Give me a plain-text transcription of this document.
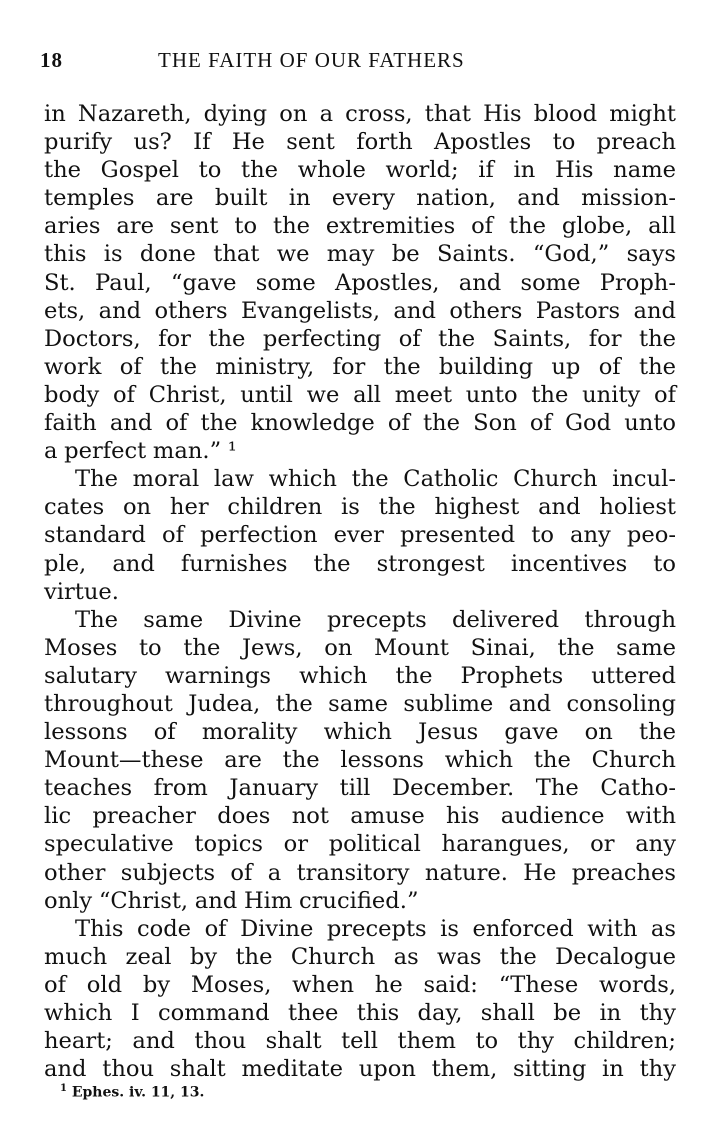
18	THE FAITH OF OUR FATHERS
in Nazareth, dying on a cross, that His blood might
purify us? If He sent forth Apostles to preach
the Gospel to the whole world; if in His name
temples are built in every nation, and mission-
aries are sent to the extremities of the globe, all
this is done that we may be Saints. “God,” says
St. Paul, “gave some Apostles, and some Proph-
ets, and others Evangelists, and others Pastors and
Doctors, for the perfecting of the Saints, for the
work of the ministry, for the building up of the
body of Christ, until we all meet unto the unity of
faith and of the knowledge of the Son of God unto
a perfect man.” ¹
The moral law which the Catholic Church incul-
cates on her children is the highest and holiest
standard of perfection ever presented to any peo-
ple, and furnishes the strongest incentives to
virtue.
The same Divine precepts delivered through
Moses to the Jews, on Mount Sinai, the same
salutary warnings which the Prophets uttered
throughout Judea, the same sublime and consoling
lessons of morality which Jesus gave on the
Mount—these are the lessons which the Church
teaches from January till December. The Catho-
lic preacher does not amuse his audience with
speculative topics or political harangues, or any
other subjects of a transitory nature. He preaches
only “Christ, and Him crucified.”
This code of Divine precepts is enforced with as
much zeal by the Church as was the Decalogue
of old by Moses, when he said: “These words,
which I command thee this day, shall be in thy
heart; and thou shalt tell them to thy children;
and thou shalt meditate upon them, sitting in thy
$^1$ Ephes. iv. 11, 13.
